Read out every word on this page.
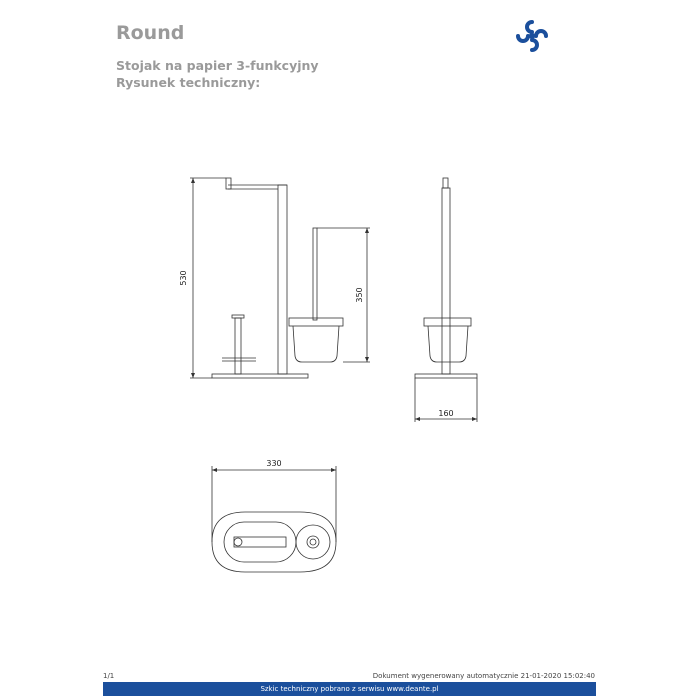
Round
Stojak na papier 3-funkcyjny
Rysunek techniczny:
530
350
160
330
1/1	Dokument wygenerowany automatycznie 21-01-2020 15:02:40
Szkic techniczny pobrano z serwisu www.deante.pl
